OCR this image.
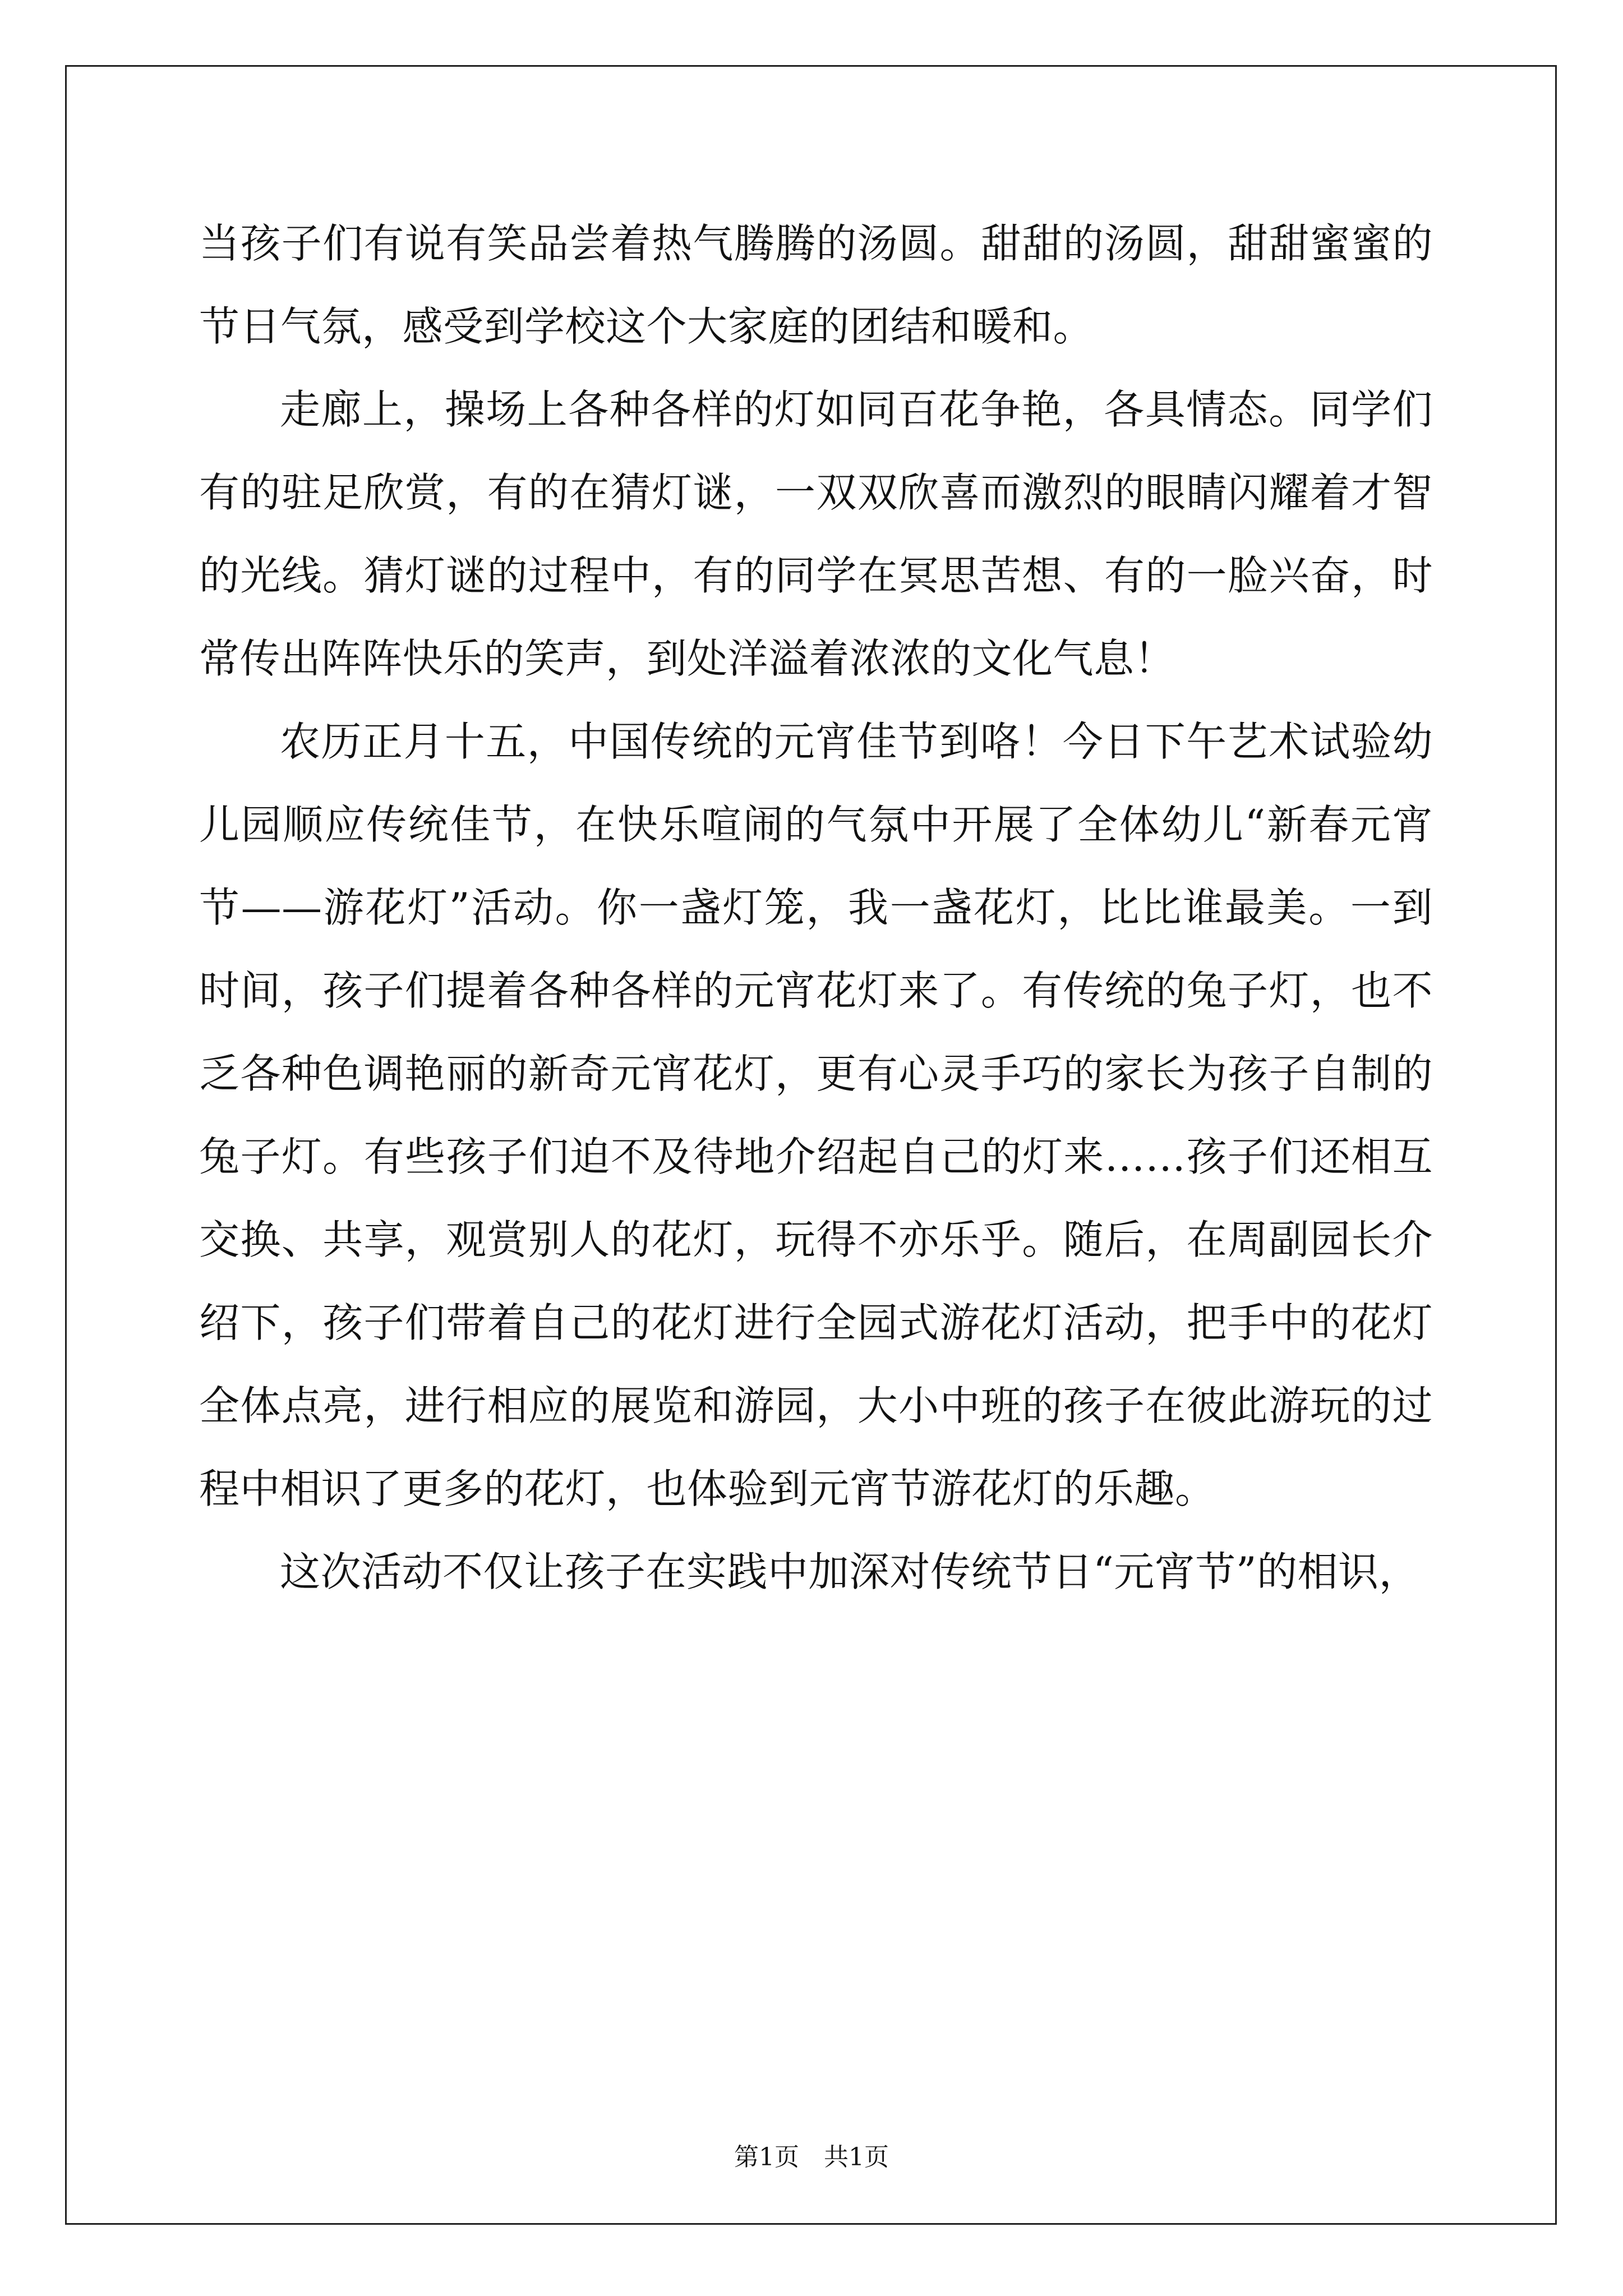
当孩子们有说有笑品尝着热气腾腾的汤圆。甜甜的汤圆，甜甜蜜蜜的节日气氛，感受到学校这个大家庭的团结和暖和。

走廊上，操场上各种各样的灯如同百花争艳，各具情态。同学们有的驻足欣赏，有的在猜灯谜，一双双欣喜而激烈的眼睛闪耀着才智的光线。猜灯谜的过程中，有的同学在冥思苦想、有的一脸兴奋，时常传出阵阵快乐的笑声，到处洋溢着浓浓的文化气息！

农历正月十五，中国传统的元宵佳节到咯！今日下午艺术试验幼儿园顺应传统佳节，在快乐喧闹的气氛中开展了全体幼儿“新春元宵节——游花灯”活动。你一盏灯笼，我一盏花灯，比比谁最美。一到时间，孩子们提着各种各样的元宵花灯来了。有传统的兔子灯，也不乏各种色调艳丽的新奇元宵花灯，更有心灵手巧的家长为孩子自制的兔子灯。有些孩子们迫不及待地介绍起自己的灯来……孩子们还相互交换、共享，观赏别人的花灯，玩得不亦乐乎。随后，在周副园长介绍下，孩子们带着自己的花灯进行全园式游花灯活动，把手中的花灯全体点亮，进行相应的展览和游园，大小中班的孩子在彼此游玩的过程中相识了更多的花灯，也体验到元宵节游花灯的乐趣。

这次活动不仅让孩子在实践中加深对传统节日“元宵节”的相识，

第1页 共1页
